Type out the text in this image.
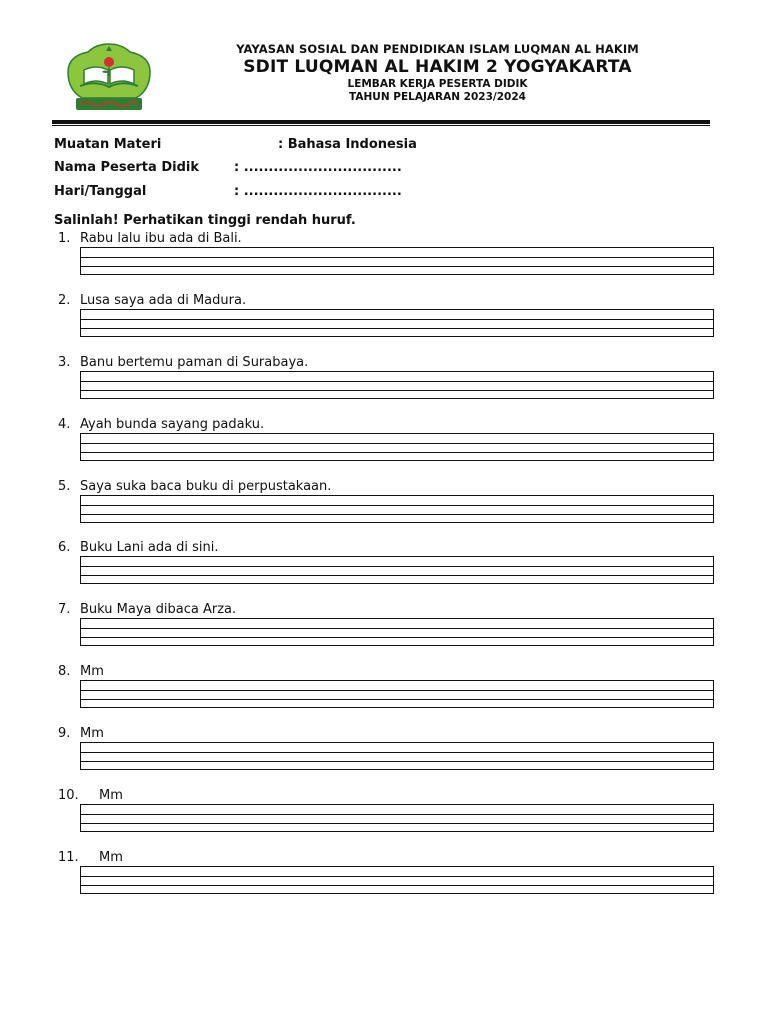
YAYASAN SOSIAL DAN PENDIDIKAN ISLAM LUQMAN AL HAKIM
SDIT LUQMAN AL HAKIM 2 YOGYAKARTA
LEMBAR KERJA PESERTA DIDIK
TAHUN PELAJARAN 2023/2024
Muatan Materi	: Bahasa Indonesia
Nama Peserta Didik	: ................................
Hari/Tanggal	: ................................
Salinlah! Perhatikan tinggi rendah huruf.
1. Rabu lalu ibu ada di Bali.
2. Lusa saya ada di Madura.
3. Banu bertemu paman di Surabaya.
4. Ayah bunda sayang padaku.
5. Saya suka baca buku di perpustakaan.
6. Buku Lani ada di sini.
7. Buku Maya dibaca Arza.
8. Mm
9. Mm
10. Mm
11. Mm
